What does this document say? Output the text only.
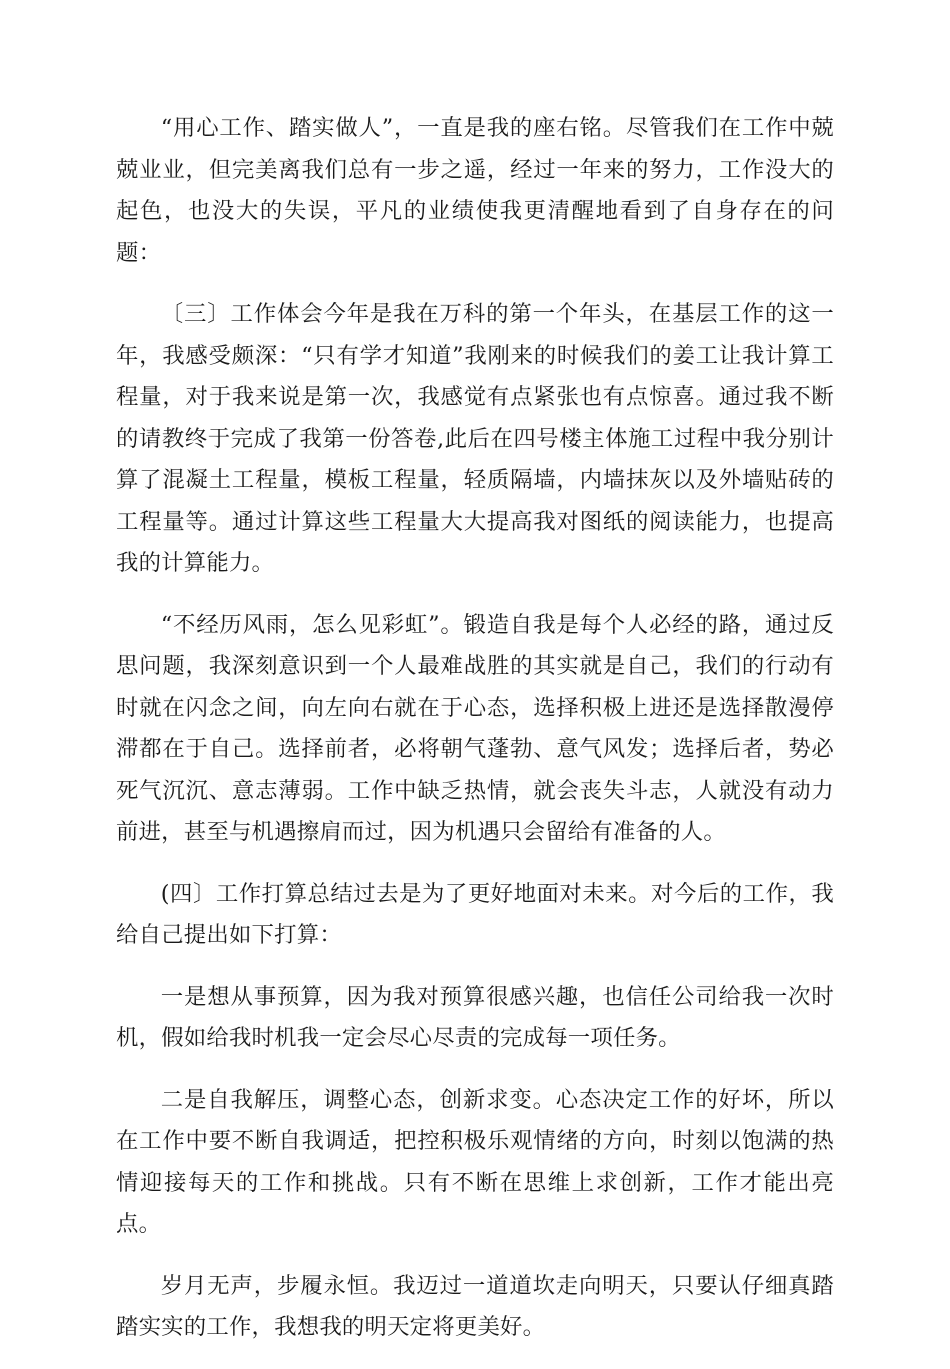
“用心工作、踏实做人”，一直是我的座右铭。尽管我们在工作中兢兢业业，但完美离我们总有一步之遥，经过一年来的努力，工作没大的起色，也没大的失误，平凡的业绩使我更清醒地看到了自身存在的问题：

〔三〕工作体会今年是我在万科的第一个年头，在基层工作的这一年，我感受颇深：“只有学才知道”我刚来的时候我们的姜工让我计算工程量，对于我来说是第一次，我感觉有点紧张也有点惊喜。通过我不断的请教终于完成了我第一份答卷,此后在四号楼主体施工过程中我分别计算了混凝土工程量，模板工程量，轻质隔墙，内墙抹灰以及外墙贴砖的工程量等。通过计算这些工程量大大提高我对图纸的阅读能力，也提高我的计算能力。

“不经历风雨，怎么见彩虹”。锻造自我是每个人必经的路，通过反思问题，我深刻意识到一个人最难战胜的其实就是自己，我们的行动有时就在闪念之间，向左向右就在于心态，选择积极上进还是选择散漫停滞都在于自己。选择前者，必将朝气蓬勃、意气风发；选择后者，势必死气沉沉、意志薄弱。工作中缺乏热情，就会丧失斗志，人就没有动力前进，甚至与机遇擦肩而过，因为机遇只会留给有准备的人。

(四〕工作打算总结过去是为了更好地面对未来。对今后的工作，我给自己提出如下打算：

一是想从事预算，因为我对预算很感兴趣，也信任公司给我一次时机，假如给我时机我一定会尽心尽责的完成每一项任务。

二是自我解压，调整心态，创新求变。心态决定工作的好坏，所以在工作中要不断自我调适，把控积极乐观情绪的方向，时刻以饱满的热情迎接每天的工作和挑战。只有不断在思维上求创新，工作才能出亮点。

岁月无声，步履永恒。我迈过一道道坎走向明天，只要认仔细真踏踏实实的工作，我想我的明天定将更美好。
